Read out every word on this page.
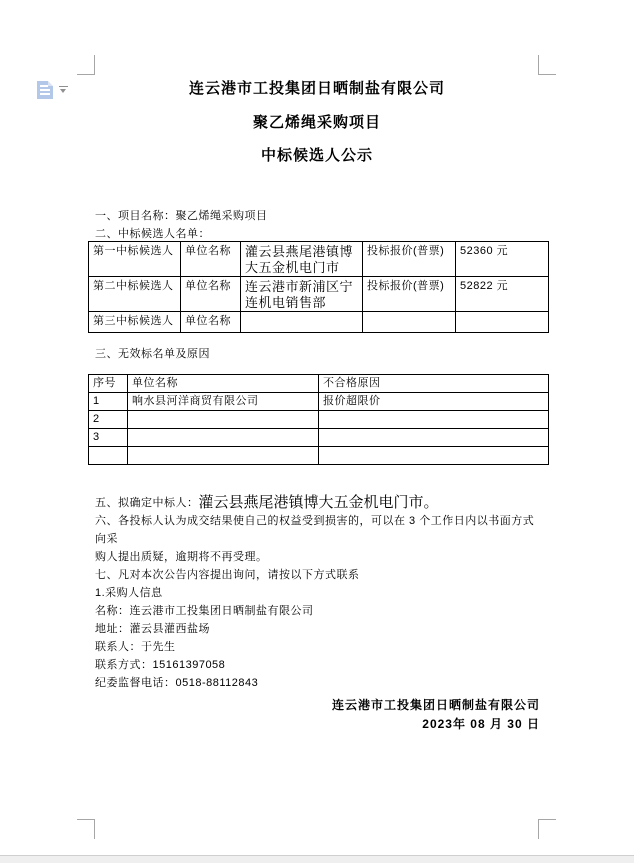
连云港市工投集团日晒制盐有限公司
聚乙烯绳采购项目
中标候选人公示
一、项目名称：聚乙烯绳采购项目
二、中标候选人名单：
第一中标候选人	单位名称	灌云县燕尾港镇博大五金机电门市	投标报价(普票)	52360 元
第二中标候选人	单位名称	连云港市新浦区宁连机电销售部	投标报价(普票)	52822 元
第三中标候选人	单位名称			
三、无效标名单及原因
序号	单位名称	不合格原因
1	响水县河洋商贸有限公司	报价超限价
2		
3		

五、拟确定中标人：灌云县燕尾港镇博大五金机电门市。
六、各投标人认为成交结果使自己的权益受到损害的，可以在 3 个工作日内以书面方式向采
购人提出质疑，逾期将不再受理。
七、凡对本次公告内容提出询问，请按以下方式联系
1.采购人信息
名称：连云港市工投集团日晒制盐有限公司
地址：灌云县灌西盐场
联系人：于先生
联系方式：15161397058
纪委监督电话：0518-88112843
连云港市工投集团日晒制盐有限公司
2023年 08 月 30 日
